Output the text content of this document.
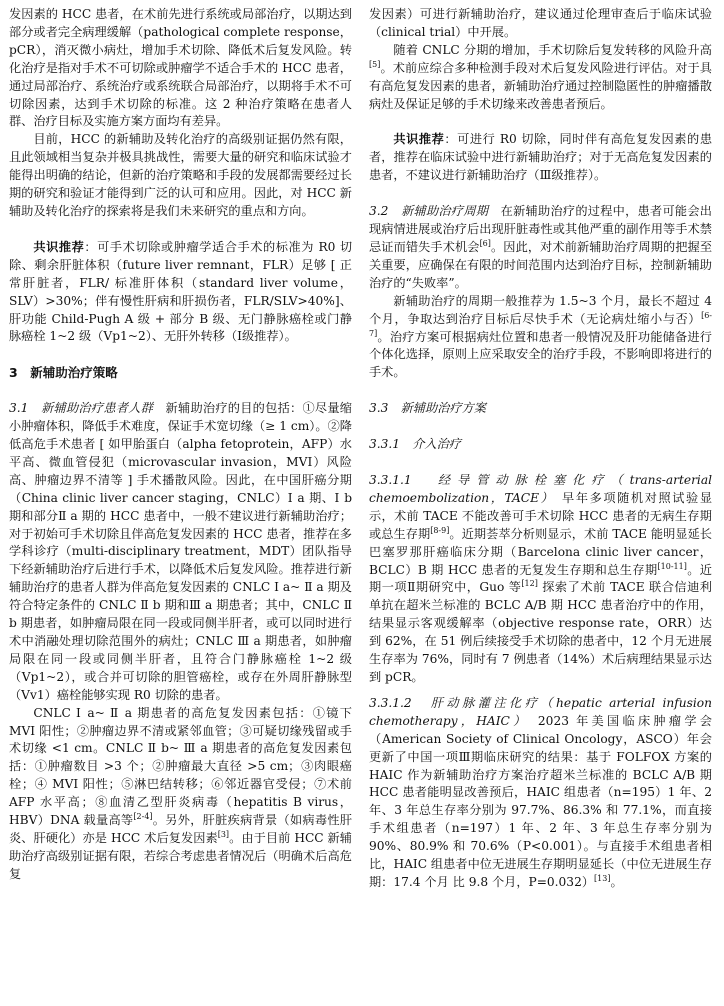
发因素的 HCC 患者，在术前先进行系统或局部治疗，以期达到部分或者完全病理缓解（pathological complete response，pCR），消灭微小病灶，增加手术切除、降低术后复发风险。转化治疗是指对手术不可切除或肿瘤学不适合手术的 HCC 患者，通过局部治疗、系统治疗或系统联合局部治疗，以期将手术不可切除因素，达到手术切除的标准。这 2 种治疗策略在患者人群、治疗目标及实施方案方面均有差异。

目前，HCC 的新辅助及转化治疗的高级别证据仍然有限，且此领域相当复杂并极具挑战性，需要大量的研究和临床试验才能得出明确的结论，但新的治疗策略和手段的发展都需要经过长期的研究和验证才能得到广泛的认可和应用。因此，对 HCC 新辅助及转化治疗的探索将是我们未来研究的重点和方向。

共识推荐：可手术切除或肿瘤学适合手术的标准为 R0 切除、剩余肝脏体积（future liver remnant，FLR）足够 [ 正常肝脏者，FLR/ 标准肝体积（standard liver volume，SLV）>30%；伴有慢性肝病和肝损伤者，FLR/SLV>40%]、肝功能 Child-Pugh A 级 + 部分 B 级、无门静脉癌栓或门静脉癌栓 1~2 级（Vp1~2）、无肝外转移（Ⅰ级推荐）。

3　新辅助治疗策略

3.1　新辅助治疗患者人群　新辅助治疗的目的包括：①尽量缩小肿瘤体积，降低手术难度，保证手术宽切缘（≥ 1 cm）。②降低高危手术患者 [ 如甲胎蛋白（alpha fetoprotein，AFP）水平高、微血管侵犯（microvascular invasion，MVI）风险高、肿瘤边界不清等 ] 手术播散风险。因此，在中国肝癌分期（China clinic liver cancer staging，CNLC）Ⅰ a 期、Ⅰ b 期和部分Ⅱ a 期的 HCC 患者中，一般不建议进行新辅助治疗；对于初始可手术切除且伴高危复发因素的 HCC 患者，推荐在多学科诊疗（multi-disciplinary treatment，MDT）团队指导下经新辅助治疗后进行手术，以降低术后复发风险。推荐进行新辅助治疗的患者人群为伴高危复发因素的 CNLC Ⅰ a~ Ⅱ a 期及符合特定条件的 CNLC Ⅱ b 期和Ⅲ a 期患者；其中，CNLC Ⅱ b 期患者，如肿瘤局限在同一段或同侧半肝者，或可以同时进行术中消融处理切除范围外的病灶；CNLC Ⅲ a 期患者，如肿瘤局限在同一段或同侧半肝者，且符合门静脉癌栓 1~2 级（Vp1~2），或合并可切除的胆管癌栓，或存在外周肝静脉型（Vv1）癌栓能够实现 R0 切除的患者。

CNLC Ⅰ a~ Ⅱ a 期患者的高危复发因素包括：①镜下 MVI 阳性；②肿瘤边界不清或紧邻血管；③可疑切缘残留或手术切缘 <1 cm。CNLC Ⅱ b~ Ⅲ a 期患者的高危复发因素包括：①肿瘤数目 >3 个；②肿瘤最大直径 >5 cm；③肉眼癌栓；④ MVI 阳性；⑤淋巴结转移；⑥邻近器官受侵；⑦术前 AFP 水平高；⑧血清乙型肝炎病毒（hepatitis B virus，HBV）DNA 载量高等[2-4]。另外，肝脏疾病背景（如病毒性肝炎、肝硬化）亦是 HCC 术后复发因素[3]。由于目前 HCC 新辅助治疗高级别证据有限，若综合考虑患者情况后（明确术后高危复

发因素）可进行新辅助治疗，建议通过伦理审查后于临床试验（clinical trial）中开展。

随着 CNLC 分期的增加，手术切除后复发转移的风险升高[5]。术前应综合多种检测手段对术后复发风险进行评估。对于具有高危复发因素的患者，新辅助治疗通过控制隐匿性的肿瘤播散病灶及保证足够的手术切缘来改善患者预后。

共识推荐：可进行 R0 切除，同时伴有高危复发因素的患者，推荐在临床试验中进行新辅助治疗；对于无高危复发因素的患者，不建议进行新辅助治疗（Ⅲ级推荐）。

3.2　新辅助治疗周期　在新辅助治疗的过程中，患者可能会出现病情进展或治疗后出现肝脏毒性或其他严重的副作用等手术禁忌证而错失手术机会[6]。因此，对术前新辅助治疗周期的把握至关重要，应确保在有限的时间范围内达到治疗目标，控制新辅助治疗的“失败率”。

新辅助治疗的周期一般推荐为 1.5~3 个月，最长不超过 4 个月，争取达到治疗目标后尽快手术（无论病灶缩小与否）[6-7]。治疗方案可根据病灶位置和患者一般情况及肝功能储备进行个体化选择，原则上应采取安全的治疗手段，不影响即将进行的手术。

3.3　新辅助治疗方案

3.3.1　介入治疗

3.3.1.1　经导管动脉栓塞化疗（trans-arterial chemoembolization，TACE）　早年多项随机对照试验显示，术前 TACE 不能改善可手术切除 HCC 患者的无病生存期或总生存期[8-9]。近期荟萃分析则显示，术前 TACE 能明显延长巴塞罗那肝癌临床分期（Barcelona clinic liver cancer，BCLC）B 期 HCC 患者的无复发生存期和总生存期[10-11]。近期一项Ⅱ期研究中，Guo 等[12] 探索了术前 TACE 联合信迪利单抗在超米兰标准的 BCLC A/B 期 HCC 患者治疗中的作用，结果显示客观缓解率（objective response rate，ORR）达到 62%，在 51 例后续接受手术切除的患者中，12 个月无进展生存率为 76%，同时有 7 例患者（14%）术后病理结果显示达到 pCR。

3.3.1.2　肝动脉灌注化疗（hepatic arterial infusion chemotherapy，HAIC）　2023 年美国临床肿瘤学会（American Society of Clinical Oncology，ASCO）年会更新了中国一项Ⅲ期临床研究的结果：基于 FOLFOX 方案的 HAIC 作为新辅助治疗方案治疗超米兰标准的 BCLC A/B 期 HCC 患者能明显改善预后，HAIC 组患者（n=195）1 年、2 年、3 年总生存率分别为 97.7%、86.3% 和 77.1%，而直接手术组患者（n=197）1 年、2 年、3 年总生存率分别为 90%、80.9% 和 70.6%（P<0.001）。与直接手术组患者相比，HAIC 组患者中位无进展生存期明显延长（中位无进展生存期：17.4 个月 比 9.8 个月，P=0.032）[13]。
